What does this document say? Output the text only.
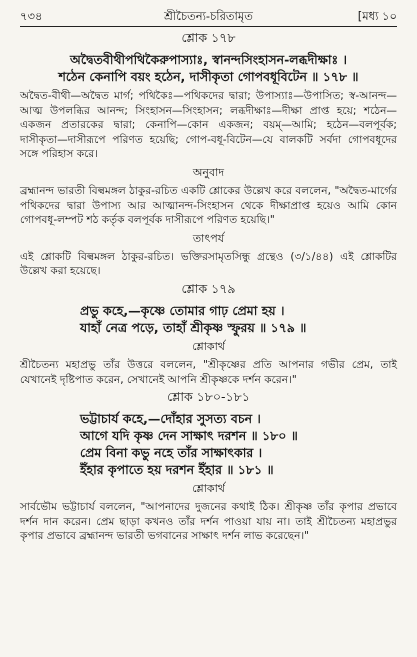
৭৩৪	শ্রীচৈতন্য-চরিতামৃত	[মধ্য ১০
শ্লোক ১৭৮

অদ্বৈতবীথীপথিকৈরুপাস্যাঃ, স্বানন্দসিংহাসন-লব্ধদীক্ষাঃ ।

শঠেন কেনাপি বয়ং হঠেন, দাসীকৃতা গোপবধূবিটেন ॥ ১৭৮ ॥

অদ্বৈত-বীথী—অদ্বৈত মার্গ; পথিকৈঃ—পথিকদের দ্বারা; উপাস্যাঃ—উপাসিত; স্ব-আনন্দ—আত্ম উপলব্ধির আনন্দ; সিংহাসন—সিংহাসন; লব্ধদীক্ষাঃ—দীক্ষা প্রাপ্ত হয়ে; শঠেন—একজন প্রতারকের দ্বারা; কেনাপি—কোন একজন; বয়ম্—আমি; হঠেন—বলপূর্বক; দাসীকৃতা—দাসীরূপে পরিণত হয়েছি; গোপ-বধূ-বিটেন—যে বালকটি সর্বদা গোপবধূদের সঙ্গে পরিহাস করে।

অনুবাদ

ব্রহ্মানন্দ ভারতী বিল্বমঙ্গল ঠাকুর-রচিত একটি শ্লোকের উল্লেখ করে বললেন, "অদ্বৈত-মার্গের পথিকদের দ্বারা উপাস্য আর আত্মানন্দ-সিংহাসন থেকে দীক্ষাপ্রাপ্ত হয়েও আমি কোন গোপবধূ-লম্পট শঠ কর্তৃক বলপূর্বক দাসীরূপে পরিণত হয়েছি।"

তাৎপর্য

এই শ্লোকটি বিল্বমঙ্গল ঠাকুর-রচিত। ভক্তিরসামৃতসিন্ধু গ্রন্থেও (৩/১/৪৪) এই শ্লোকটির উল্লেখ করা হয়েছে।

শ্লোক ১৭৯

প্রভু কহে,—কৃষ্ণে তোমার গাঢ় প্রেমা হয় ।

যাহাঁ নেত্র পড়ে, তাহাঁ শ্রীকৃষ্ণ স্ফুরয় ॥ ১৭৯ ॥

শ্লোকার্থ

শ্রীচৈতন্য মহাপ্রভু তাঁর উত্তরে বললেন, "শ্রীকৃষ্ণের প্রতি আপনার গভীর প্রেম, তাই যেখানেই দৃষ্টিপাত করেন, সেখানেই আপনি শ্রীকৃষ্ণকে দর্শন করেন।"

শ্লোক ১৮০-১৮১

ভট্টাচার্য কহে,—দোঁহার সুসত্য বচন ।

আগে যদি কৃষ্ণ দেন সাক্ষাৎ দরশন ॥ ১৮০ ॥

প্রেম বিনা কভু নহে তাঁর সাক্ষাৎকার ।

ইঁহার কৃপাতে হয় দরশন ইঁহার ॥ ১৮১ ॥

শ্লোকার্থ

সার্বভৌম ভট্টাচার্য বললেন, "আপনাদের দুজনের কথাই ঠিক। শ্রীকৃষ্ণ তাঁর কৃপার প্রভাবে দর্শন দান করেন। প্রেম ছাড়া কখনও তাঁর দর্শন পাওয়া যায় না। তাই শ্রীচৈতন্য মহাপ্রভুর কৃপার প্রভাবে ব্রহ্মানন্দ ভারতী ভগবানের সাক্ষাৎ দর্শন লাভ করেছেন।"
